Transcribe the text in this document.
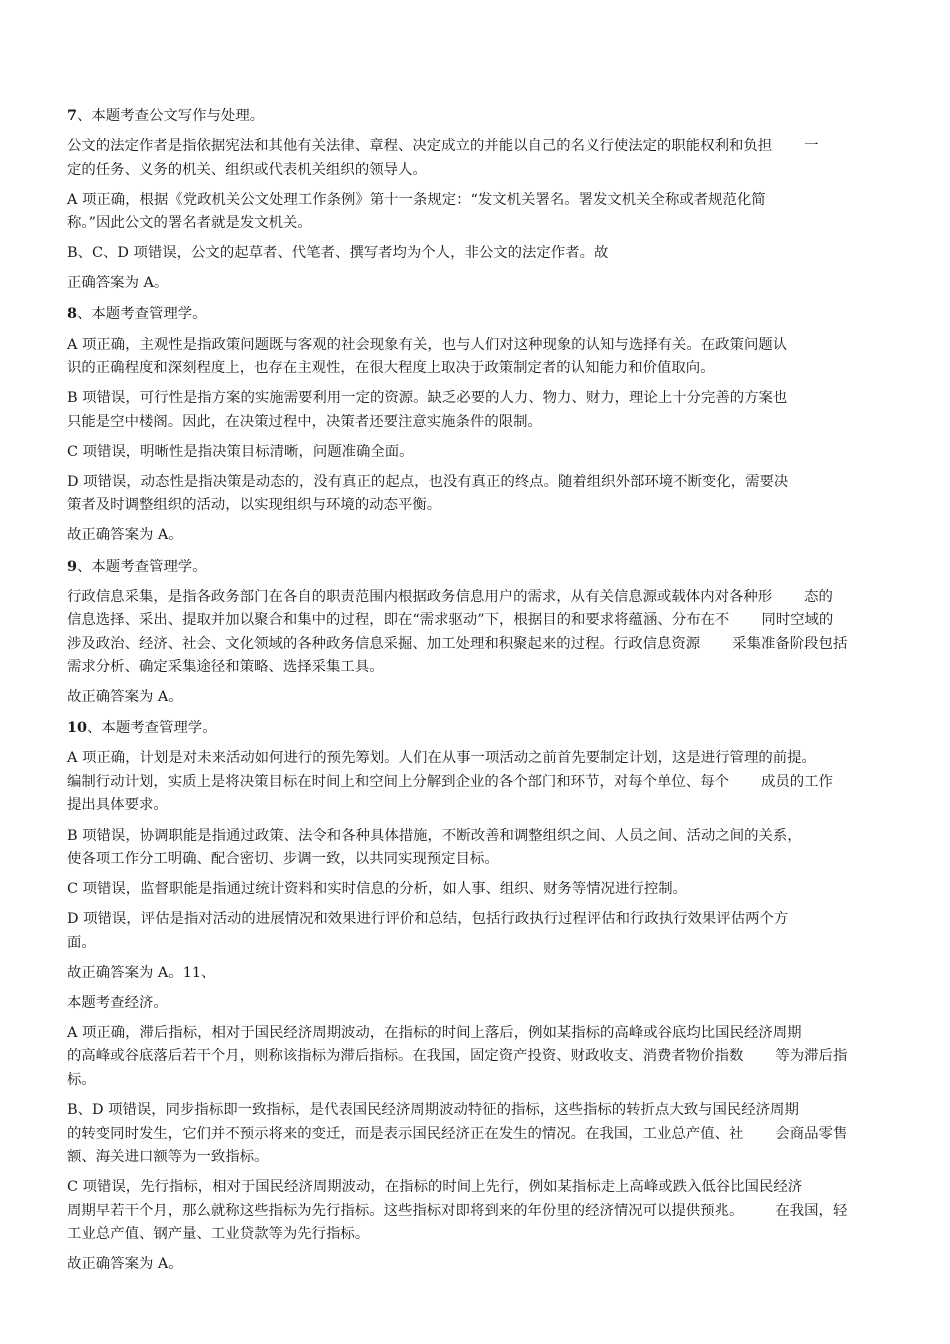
7、本题考查公文写作与处理。

公文的法定作者是指依据宪法和其他有关法律、章程、决定成立的并能以自己的名义行使法定的职能权利和负担       一
定的任务、义务的机关、组织或代表机关组织的领导人。

A 项正确，根据《党政机关公文处理工作条例》第十一条规定：“发文机关署名。署发文机关全称或者规范化简
称。”因此公文的署名者就是发文机关。

B、C、D 项错误，公文的起草者、代笔者、撰写者均为个人，非公文的法定作者。故

正确答案为 A。

8、本题考查管理学。

A 项正确，主观性是指政策问题既与客观的社会现象有关，也与人们对这种现象的认知与选择有关。在政策问题认
识的正确程度和深刻程度上，也存在主观性，在很大程度上取决于政策制定者的认知能力和价值取向。

B 项错误，可行性是指方案的实施需要利用一定的资源。缺乏必要的人力、物力、财力，理论上十分完善的方案也
只能是空中楼阁。因此，在决策过程中，决策者还要注意实施条件的限制。

C 项错误，明晰性是指决策目标清晰，问题准确全面。

D 项错误，动态性是指决策是动态的，没有真正的起点，也没有真正的终点。随着组织外部环境不断变化，需要决
策者及时调整组织的活动，以实现组织与环境的动态平衡。

故正确答案为 A。

9、本题考查管理学。

行政信息采集，是指各政务部门在各自的职责范围内根据政务信息用户的需求，从有关信息源或载体内对各种形       态的
信息选择、采出、提取并加以聚合和集中的过程，即在“需求驱动”下，根据目的和要求将蕴涵、分布在不       同时空域的
涉及政治、经济、社会、文化领域的各种政务信息采掘、加工处理和积聚起来的过程。行政信息资源       采集准备阶段包括
需求分析、确定采集途径和策略、选择采集工具。

故正确答案为 A。

10、本题考查管理学。

A 项正确，计划是对未来活动如何进行的预先筹划。人们在从事一项活动之前首先要制定计划，这是进行管理的前提。
编制行动计划，实质上是将决策目标在时间上和空间上分解到企业的各个部门和环节，对每个单位、每个       成员的工作
提出具体要求。

B 项错误，协调职能是指通过政策、法令和各种具体措施，不断改善和调整组织之间、人员之间、活动之间的关系，
使各项工作分工明确、配合密切、步调一致，以共同实现预定目标。

C 项错误，监督职能是指通过统计资料和实时信息的分析，如人事、组织、财务等情况进行控制。

D 项错误，评估是指对活动的进展情况和效果进行评价和总结，包括行政执行过程评估和行政执行效果评估两个方
面。

故正确答案为 A。11、

本题考查经济。

A 项正确，滞后指标，相对于国民经济周期波动，在指标的时间上落后，例如某指标的高峰或谷底均比国民经济周期
的高峰或谷底落后若干个月，则称该指标为滞后指标。在我国，固定资产投资、财政收支、消费者物价指数       等为滞后指
标。

B、D 项错误，同步指标即一致指标，是代表国民经济周期波动特征的指标，这些指标的转折点大致与国民经济周期
的转变同时发生，它们并不预示将来的变迁，而是表示国民经济正在发生的情况。在我国，工业总产值、社       会商品零售
额、海关进口额等为一致指标。

C 项错误，先行指标，相对于国民经济周期波动，在指标的时间上先行，例如某指标走上高峰或跌入低谷比国民经济
周期早若干个月，那么就称这些指标为先行指标。这些指标对即将到来的年份里的经济情况可以提供预兆。       在我国，轻
工业总产值、钢产量、工业贷款等为先行指标。

故正确答案为 A。
